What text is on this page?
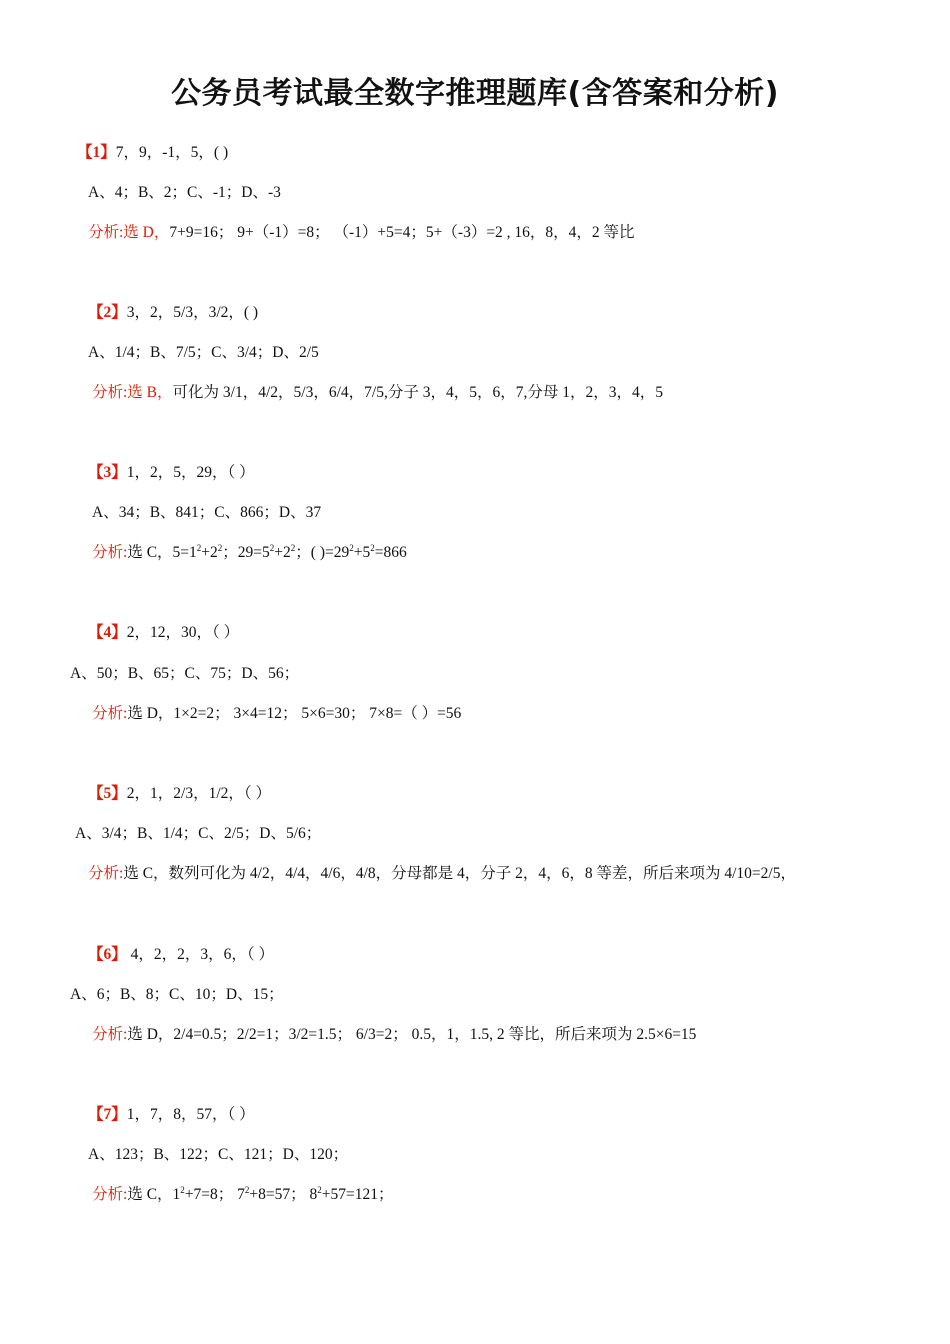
公务员考试最全数字推理题库(含答案和分析)
【1】7，9，-1，5，( )
A、4；B、2；C、-1；D、-3
分析:选 D，7+9=16； 9+（-1）=8； （-1）+5=4；5+（-3）=2 , 16，8，4，2 等比
【2】3，2，5/3，3/2，( )
A、1/4；B、7/5；C、3/4；D、2/5
分析:选 B，可化为 3/1，4/2，5/3，6/4，7/5,分子 3，4，5，6，7,分母 1，2，3，4，5
【3】1，2，5，29，（ ）
A、34；B、841；C、866；D、37
分析:选 C，$5=1^2+2^2$；$29=5^2+2^2$；( )$=29^2+5^2=866$
【4】2，12，30，（ ）
A、50；B、65；C、75；D、56；
分析:选 D，1×2=2； 3×4=12； 5×6=30； 7×8=（ ）=56
【5】2，1，2/3，1/2，（ ）
A、3/4；B、1/4；C、2/5；D、5/6；
分析:选 C，数列可化为 4/2，4/4，4/6，4/8，分母都是 4，分子 2，4，6，8 等差，所后来项为 4/10=2/5，
【6】 4，2，2，3，6，（ ）
A、6；B、8；C、10；D、15；
分析:选 D，2/4=0.5；2/2=1；3/2=1.5； 6/3=2； 0.5，1，1.5, 2 等比，所后来项为 2.5×6=15
【7】1，7，8，57，（ ）
A、123；B、122；C、121；D、120；
分析:选 C，$1^2+7=8$； $7^2+8=57$； $8^2+57=121$；
